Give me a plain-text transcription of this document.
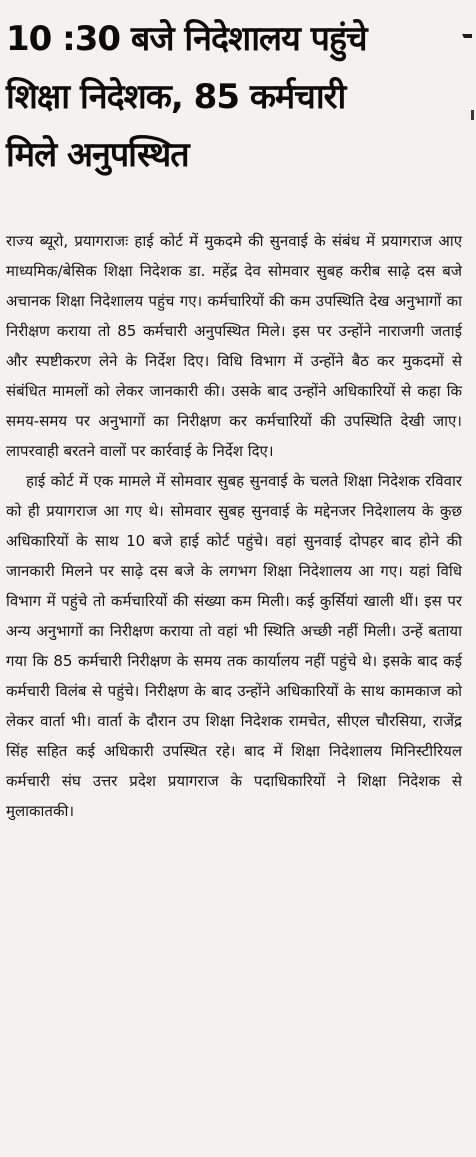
10 :30 बजे निदेशालय पहुंचे
शिक्षा निदेशक, 85 कर्मचारी
मिले अनुपस्थित

राज्य ब्यूरो, प्रयागराजः हाई कोर्ट में मुकदमे की सुनवाई के संबंध में प्रयागराज आए माध्यमिक/बेसिक शिक्षा निदेशक डा. महेंद्र देव सोमवार सुबह करीब साढ़े दस बजे अचानक शिक्षा निदेशालय पहुंच गए। कर्मचारियों की कम उपस्थिति देख अनुभागों का निरीक्षण कराया तो 85 कर्मचारी अनुपस्थित मिले। इस पर उन्होंने नाराजगी जताई और स्पष्टीकरण लेने के निर्देश दिए। विधि विभाग में उन्होंने बैठ कर मुकदमों से संबंधित मामलों को लेकर जानकारी की। उसके बाद उन्होंने अधिकारियों से कहा कि समय-समय पर अनुभागों का निरीक्षण कर कर्मचारियों की उपस्थिति देखी जाए। लापरवाही बरतने वालों पर कार्रवाई के निर्देश दिए।

हाई कोर्ट में एक मामले में सोमवार सुबह सुनवाई के चलते शिक्षा निदेशक रविवार को ही प्रयागराज आ गए थे। सोमवार सुबह सुनवाई के मद्देनजर निदेशालय के कुछ अधिकारियों के साथ 10 बजे हाई कोर्ट पहुंचे। वहां सुनवाई दोपहर बाद होने की जानकारी मिलने पर साढ़े दस बजे के लगभग शिक्षा निदेशालय आ गए। यहां विधि विभाग में पहुंचे तो कर्मचारियों की संख्या कम मिली। कई कुर्सियां खाली थीं। इस पर अन्य अनुभागों का निरीक्षण कराया तो वहां भी स्थिति अच्छी नहीं मिली। उन्हें बताया गया कि 85 कर्मचारी निरीक्षण के समय तक कार्यालय नहीं पहुंचे थे। इसके बाद कई कर्मचारी विलंब से पहुंचे। निरीक्षण के बाद उन्होंने अधिकारियों के साथ कामकाज को लेकर वार्ता भी। वार्ता के दौरान उप शिक्षा निदेशक रामचेत, सीएल चौरसिया, राजेंद्र सिंह सहित कई अधिकारी उपस्थित रहे। बाद में शिक्षा निदेशालय मिनिस्टीरियल कर्मचारी संघ उत्तर प्रदेश प्रयागराज के पदाधिकारियों ने शिक्षा निदेशक से मुलाकातकी।
